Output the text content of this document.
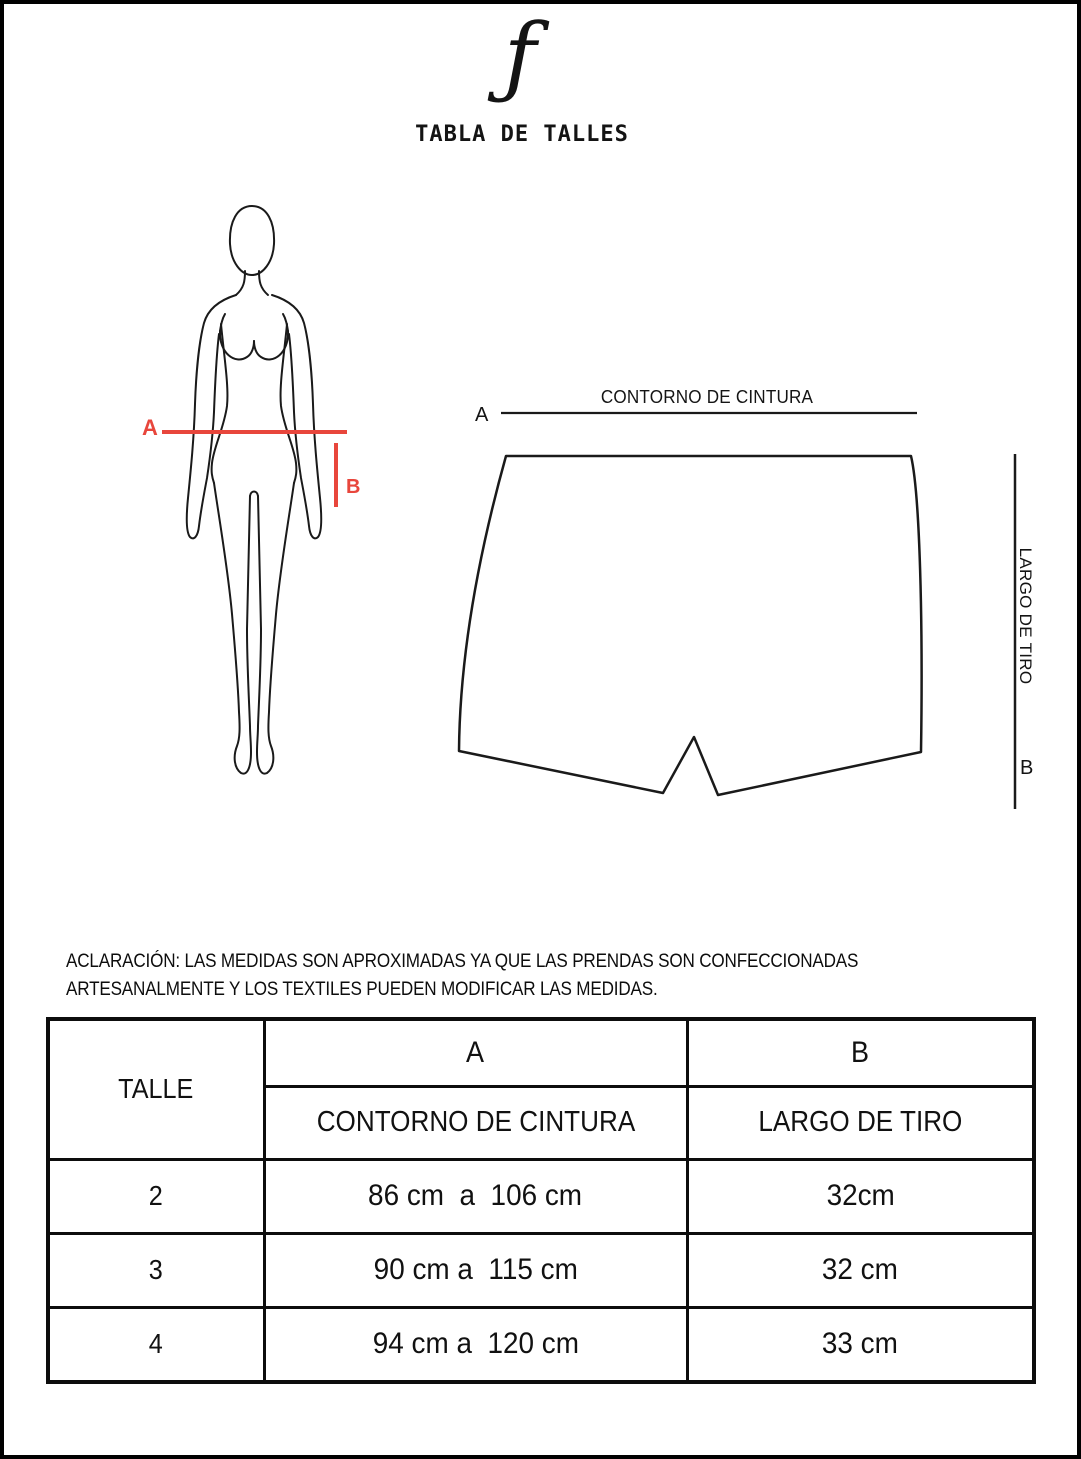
ƒ
TABLA DE TALLES
A
B
A
CONTORNO DE CINTURA
LARGO DE TIRO
B
ACLARACIÓN: LAS MEDIDAS SON APROXIMADAS YA QUE LAS PRENDAS SON CONFECCIONADAS
ARTESANALMENTE Y LOS TEXTILES PUEDEN MODIFICAR LAS MEDIDAS.
TALLE	A	B
	CONTORNO DE CINTURA	LARGO DE TIRO
2	86 cm  a  106 cm	32cm
3	90 cm a  115 cm	32 cm
4	94 cm a  120 cm	33 cm
